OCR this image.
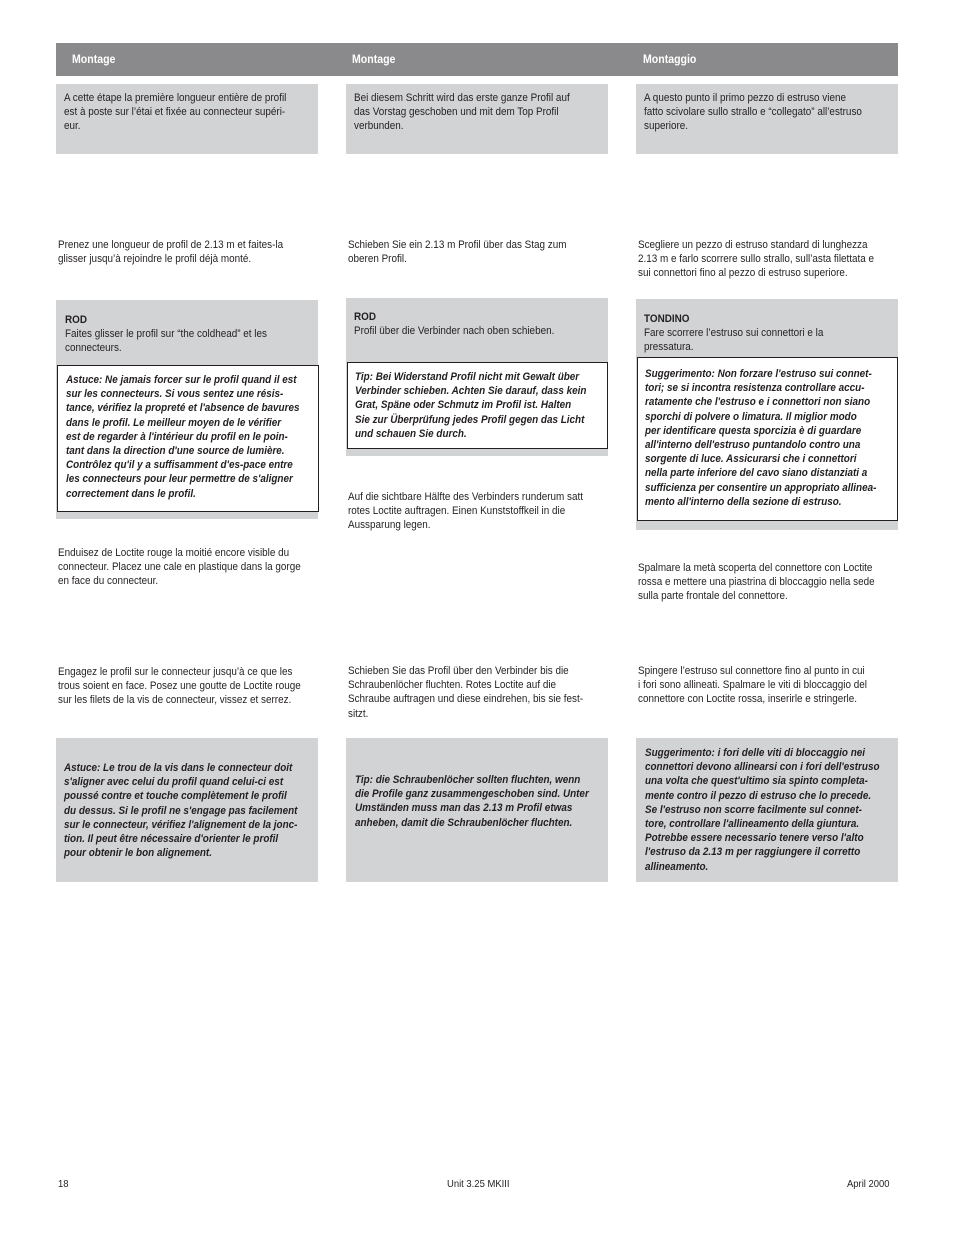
Montage	Montage	Montaggio
A cette étape la première longueur entière de profil
est à poste sur l’étai et fixée au connecteur supéri-
eur.
Prenez une longueur de profil de 2.13 m et faites-la
glisser jusqu’à rejoindre le profil déjà monté.
ROD
Faites glisser le profil sur “the coldhead” et les
connecteurs.
Astuce: Ne jamais forcer sur le profil quand il est
sur les connecteurs. Si vous sentez une résis-
tance, vérifiez la propreté et l'absence de bavures
dans le profil. Le meilleur moyen de le vérifier
est de regarder à l'intérieur du profil en le poin-
tant dans la direction d'une source de lumière.
Contrôlez qu'il y a suffisamment d'es-pace entre
les connecteurs pour leur permettre de s'aligner
correctement dans le profil.
Enduisez de Loctite rouge la moitié encore visible du
connecteur. Placez une cale en plastique dans la gorge
en face du connecteur.
Engagez le profil sur le connecteur jusqu’à ce que les
trous soient en face. Posez une goutte de Loctite rouge
sur les filets de la vis de connecteur, vissez et serrez.
Astuce: Le trou de la vis dans le connecteur doit
s'aligner avec celui du profil quand celui-ci est
poussé contre et touche complètement le profil
du dessus. Si le profil ne s'engage pas facilement
sur le connecteur, vérifiez l'alignement de la jonc-
tion. Il peut être nécessaire d'orienter le profil
pour obtenir le bon alignement.
Bei diesem Schritt wird das erste ganze Profil auf
das Vorstag geschoben und mit dem Top Profil
verbunden.
Schieben Sie ein 2.13 m Profil über das Stag zum
oberen Profil.
ROD
Profil über die Verbinder nach oben schieben.
Tip: Bei Widerstand Profil nicht mit Gewalt über
Verbinder schieben. Achten Sie darauf, dass kein
Grat, Späne oder Schmutz im Profil ist. Halten
Sie zur Überprüfung jedes Profil gegen das Licht
und schauen Sie durch.
Auf die sichtbare Hälfte des Verbinders runderum satt
rotes Loctite auftragen. Einen Kunststoffkeil in die
Aussparung legen.
Schieben Sie das Profil über den Verbinder bis die
Schraubenlöcher fluchten. Rotes Loctite auf die
Schraube auftragen und diese eindrehen, bis sie fest-
sitzt.
Tip: die Schraubenlöcher sollten fluchten, wenn
die Profile ganz zusammengeschoben sind. Unter
Umständen muss man das 2.13 m Profil etwas
anheben, damit die Schraubenlöcher fluchten.
A questo punto il primo pezzo di estruso viene
fatto scivolare sullo strallo e “collegato” all’estruso
superiore.
Scegliere un pezzo di estruso standard di lunghezza
2.13 m e farlo scorrere sullo strallo, sull’asta filettata e
sui connettori fino al pezzo di estruso superiore.
TONDINO
Fare scorrere l’estruso sui connettori e la
pressatura.
Suggerimento: Non forzare l'estruso sui connet-
tori; se si incontra resistenza controllare accu-
ratamente che l'estruso e i connettori non siano
sporchi di polvere o limatura. Il miglior modo
per identificare questa sporcizia è di guardare
all'interno dell'estruso puntandolo contro una
sorgente di luce. Assicurarsi che i connettori
nella parte inferiore del cavo siano distanziati a
sufficienza per consentire un appropriato allinea-
mento all'interno della sezione di estruso.
Spalmare la metà scoperta del connettore con Loctite
rossa e mettere una piastrina di bloccaggio nella sede
sulla parte frontale del connettore.
Spingere l’estruso sul connettore fino al punto in cui
i fori sono allineati. Spalmare le viti di bloccaggio del
connettore con Loctite rossa, inserirle e stringerle.
Suggerimento: i fori delle viti di bloccaggio nei
connettori devono allinearsi con i fori dell'estruso
una volta che quest'ultimo sia spinto completa-
mente contro il pezzo di estruso che lo precede.
Se l'estruso non scorre facilmente sul connet-
tore, controllare l'allineamento della giuntura.
Potrebbe essere necessario tenere verso l'alto
l'estruso da 2.13 m per raggiungere il corretto
allineamento.
18	Unit 3.25 MKIII	April 2000
